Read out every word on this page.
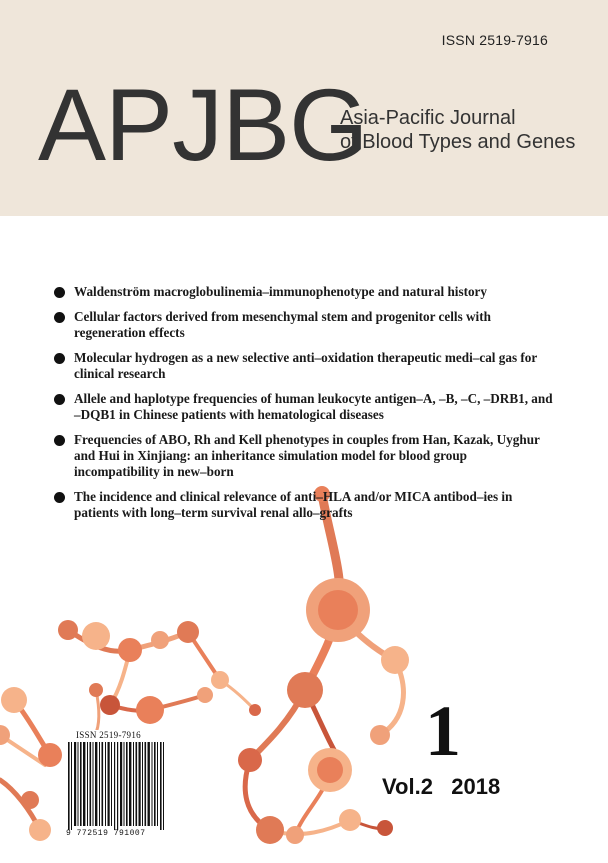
ISSN 2519-7916
APJBG
Asia-Pacific Journal
of Blood Types and Genes
Waldenström macroglobulinemia–immunophenotype and natural history
Cellular factors derived from mesenchymal stem and progenitor cells with regeneration effects
Molecular hydrogen as a new selective anti–oxidation therapeutic medi–cal gas for clinical research
Allele and haplotype frequencies of human leukocyte antigen–A, –B, –C, –DRB1, and –DQB1 in Chinese patients with hematological diseases
Frequencies of ABO, Rh and Kell phenotypes in couples from Han, Kazak, Uyghur and Hui in Xinjiang: an inheritance simulation model for blood group incompatibility in new–born
The incidence and clinical relevance of anti–HLA and/or MICA antibod–ies in patients with long–term survival renal allo–grafts
1
Vol.2 2018
ISSN 2519-7916
9 772519 791007
